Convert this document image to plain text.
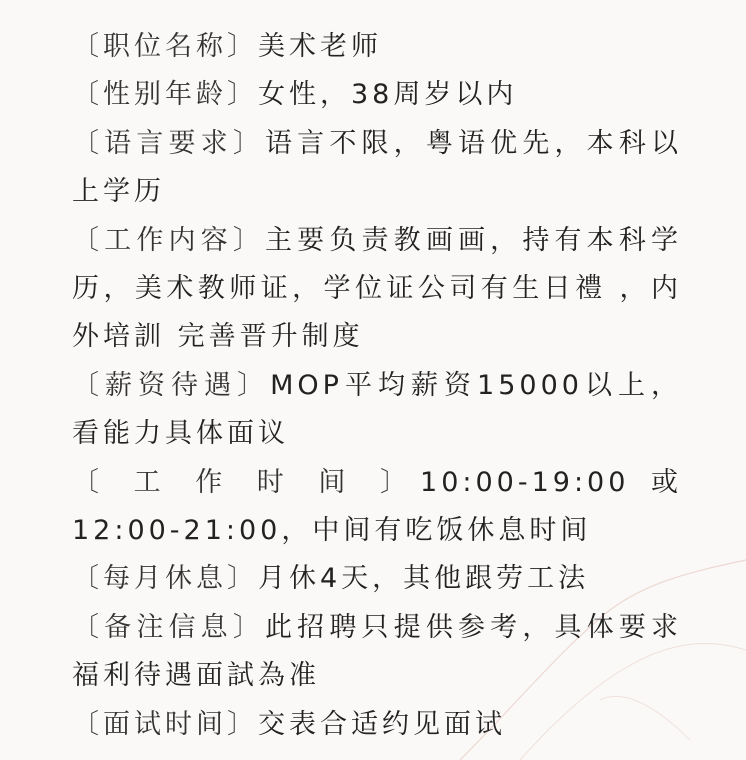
〔职位名称〕美术老师

〔性别年龄〕女性，38周岁以内

〔语言要求〕语言不限，粤语优先，本科以上学历

〔工作内容〕主要负责教画画，持有本科学历，美术教师证，学位证公司有生日禮 ，内外培訓 完善晋升制度

〔薪资待遇〕MOP平均薪资15000以上，看能力具体面议

〔 工 作 时 间 〕10:00-19:00 或 12:00-21:00，中间有吃饭休息时间

〔每月休息〕月休4天，其他跟劳工法

〔备注信息〕此招聘只提供参考，具体要求福利待遇面試為准

〔面试时间〕交表合适约见面试
